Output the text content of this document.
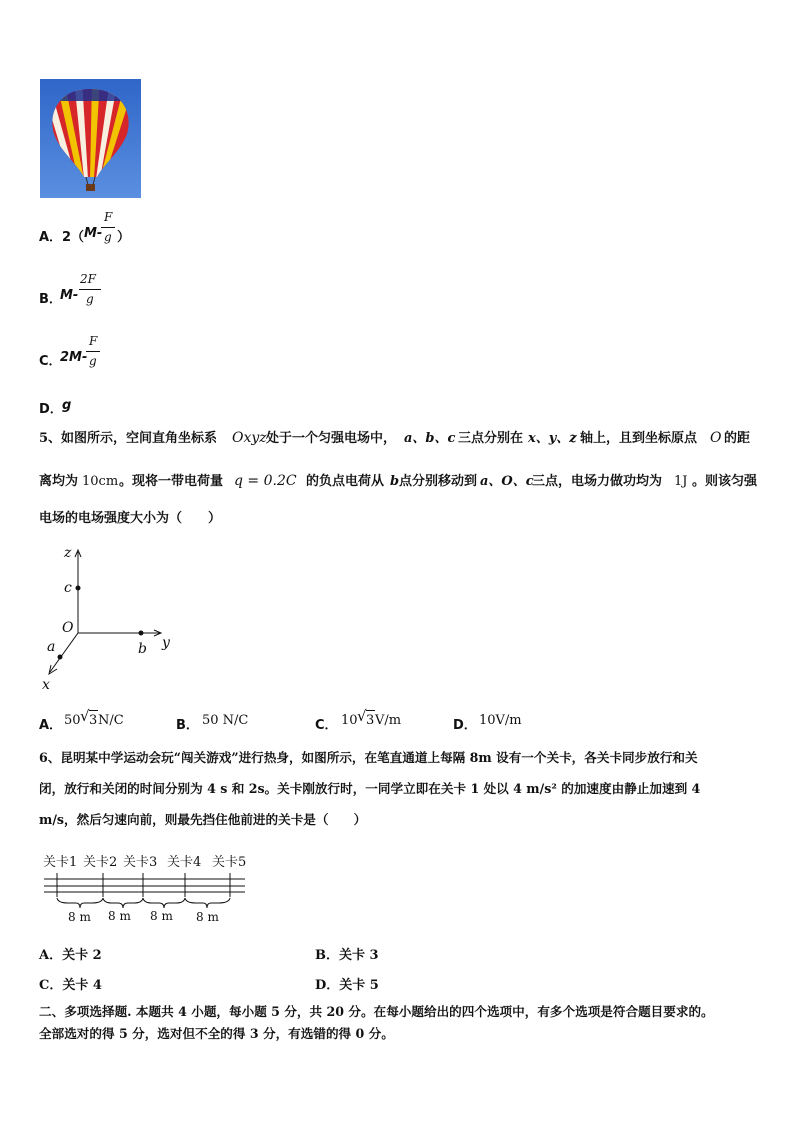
A． 2（ M-
F
g ）
B．
M-
2F
g
C．
2M-
F
g
D． g
5、如图所示，空间直角坐标系 Oxyz 处于一个匀强电场中， a、b、c 三点分别在 x、y、z 轴上，且到坐标原点 O 的距
离均为 10cm 。现将一带电荷量 q = 0.2C 的负点电荷从 b 点分别移动到 a、O、c
三点，电场力做功均为 1J 。则该匀强
电场的电场强度大小为（　　）
z
c
O
y
b
a
x
A． 50 √ 3 N/C	B． 50 N/C	C． 10 √ 3 V/m	D． 10V/m
6、昆明某中学运动会玩“闯关游戏”进行热身，如图所示，在笔直通道上每隔 8m 设有一个关卡，各关卡同步放行和关
闭，放行和关闭的时间分别为 4 s 和 2s。关卡刚放行时，一同学立即在关卡 1 处以 4 m/s² 的加速度由静止加速到 4
m/s，然后匀速向前，则最先挡住他前进的关卡是（　　）
关卡1 关卡2 关卡3 关卡4 关卡5
8 m 8 m 8 m 8 m
A．关卡 2	B．关卡 3
C．关卡 4	D．关卡 5
二、多项选择题. 本题共 4 小题，每小题 5 分，共 20 分。在每小题给出的四个选项中，有多个选项是符合题目要求的。
全部选对的得 5 分，选对但不全的得 3 分，有选错的得 0 分。
